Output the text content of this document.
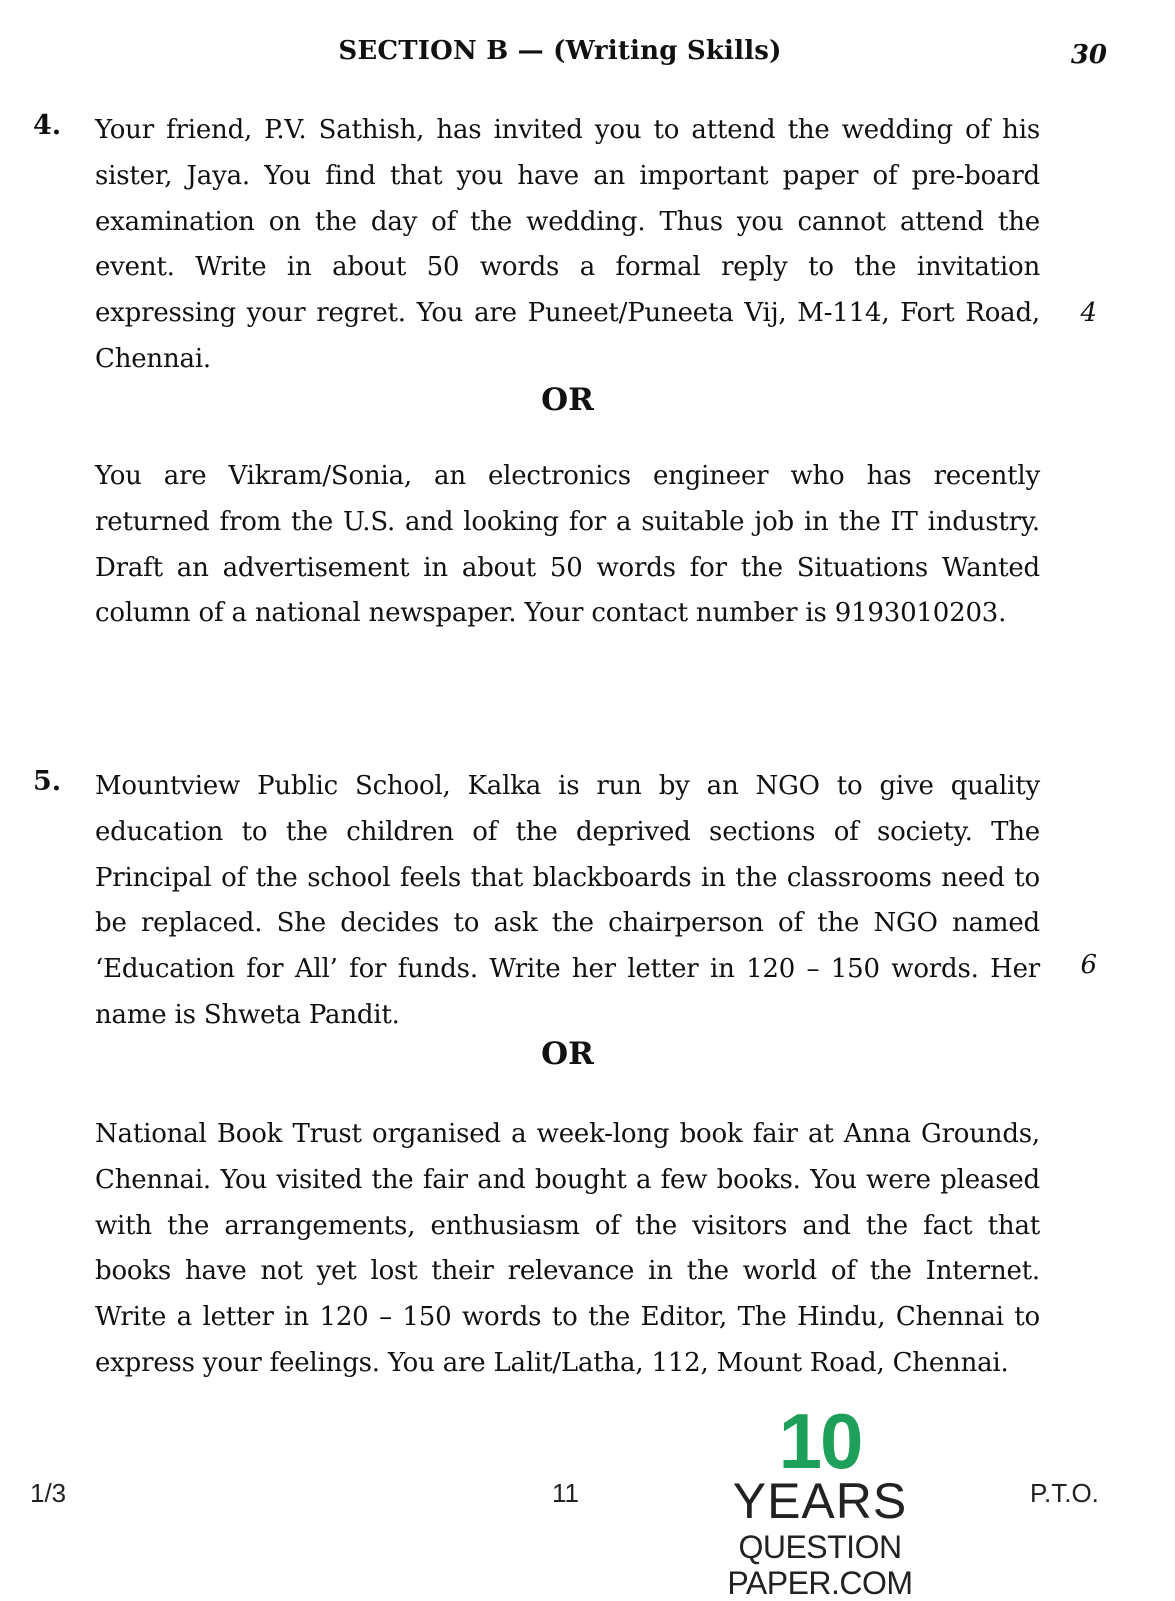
SECTION B — (Writing Skills)	30
4. Your friend, P.V. Sathish, has invited you to attend the wedding of his sister, Jaya. You find that you have an important paper of pre-board examination on the day of the wedding. Thus you cannot attend the event. Write in about 50 words a formal reply to the invitation expressing your regret. You are Puneet/Puneeta Vij, M-114, Fort Road, Chennai.

4
OR

You are Vikram/Sonia, an electronics engineer who has recently returned from the U.S. and looking for a suitable job in the IT industry. Draft an advertisement in about 50 words for the Situations Wanted column of a national newspaper. Your contact number is 9193010203.

5. Mountview Public School, Kalka is run by an NGO to give quality education to the children of the deprived sections of society. The Principal of the school feels that blackboards in the classrooms need to be replaced. She decides to ask the chairperson of the NGO named ‘Education for All’ for funds. Write her letter in 120 – 150 words. Her name is Shweta Pandit.

6
OR

National Book Trust organised a week-long book fair at Anna Grounds, Chennai. You visited the fair and bought a few books. You were pleased with the arrangements, enthusiasm of the visitors and the fact that books have not yet lost their relevance in the world of the Internet. Write a letter in 120 – 150 words to the Editor, The Hindu, Chennai to express your feelings. You are Lalit/Latha, 112, Mount Road, Chennai.

1/3	11	P.T.O.
10
YEARS
QUESTION PAPER.COM
